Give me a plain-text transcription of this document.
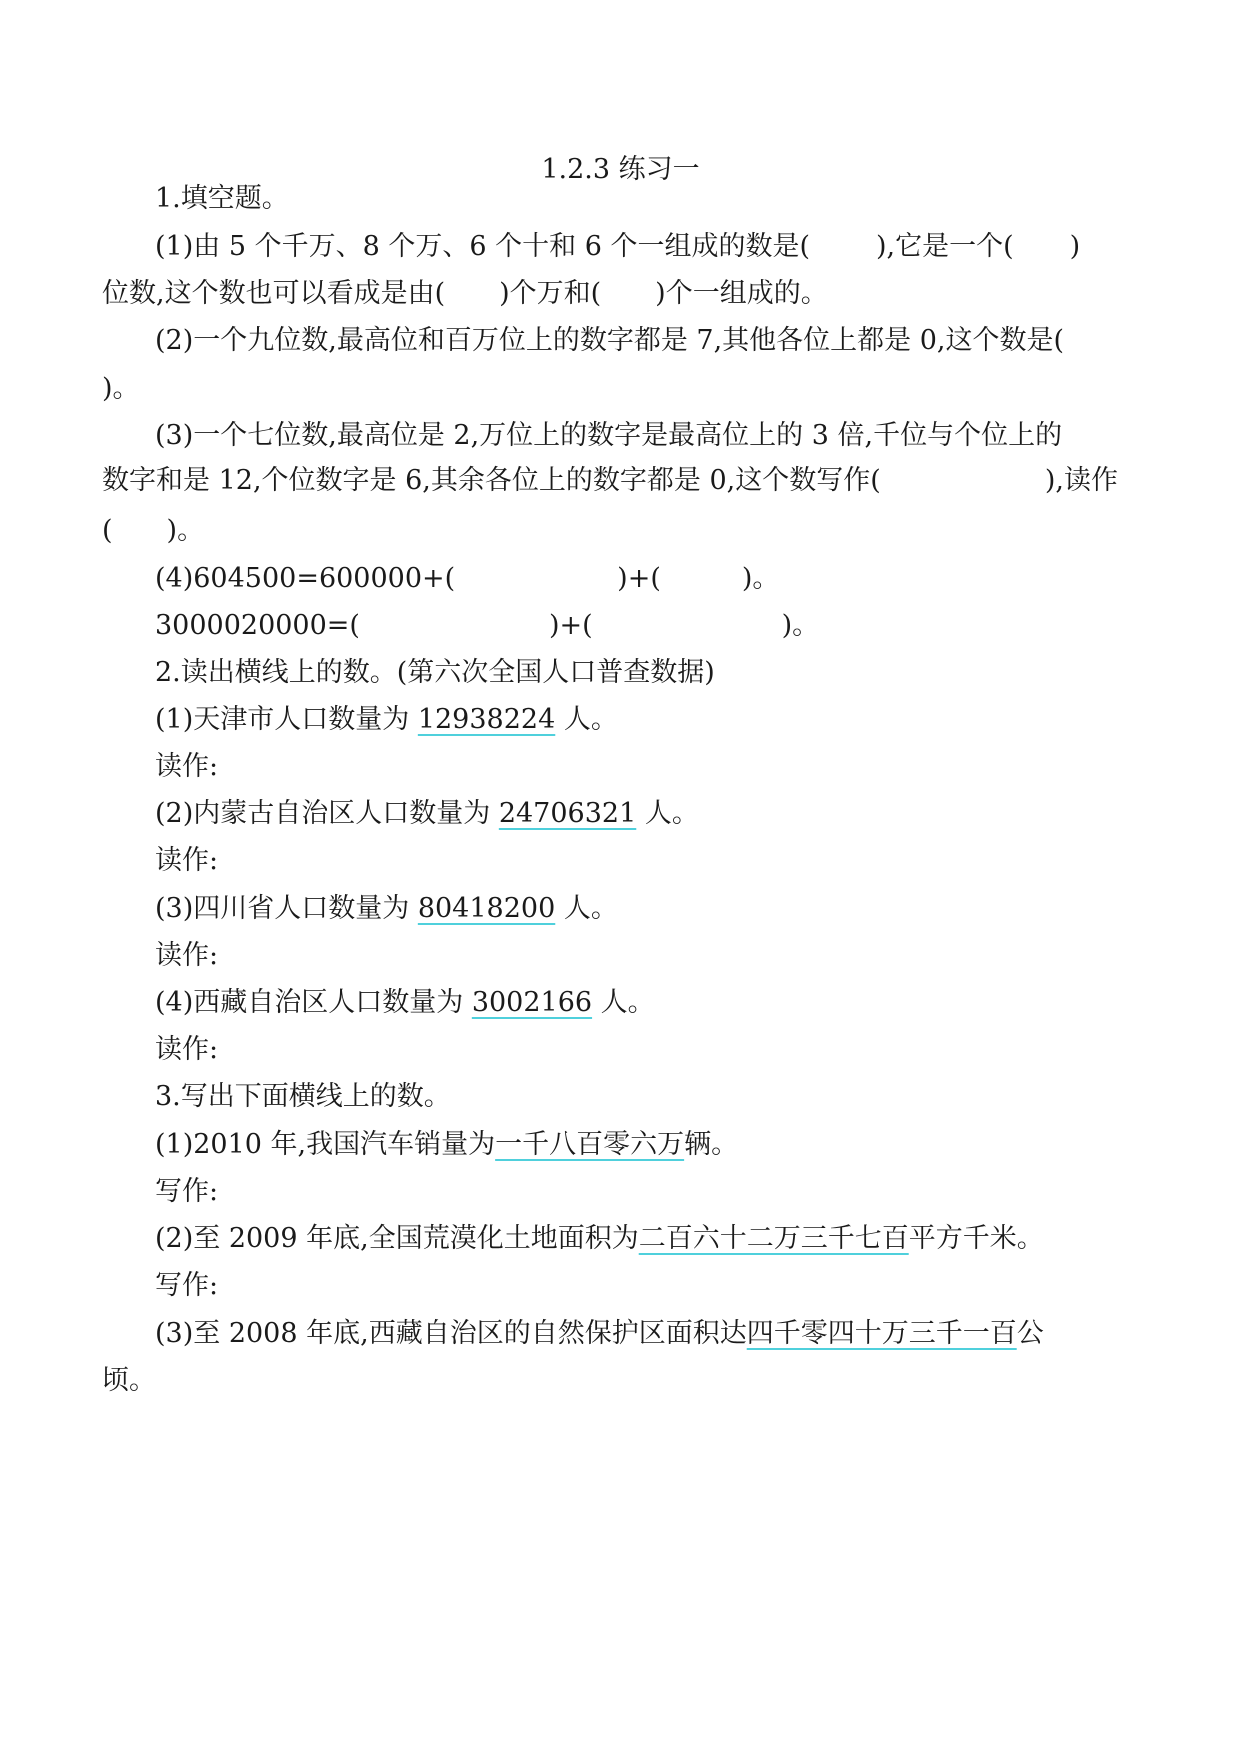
1.2.3 练习一
1.填空题。
(1)由 5 个千万、8 个万、6 个十和 6 个一组成的数是( ),它是一个( )
位数,这个数也可以看成是由(　　)个万和(　　)个一组成的。
(2)一个九位数,最高位和百万位上的数字都是 7,其他各位上都是 0,这个数是(
)。
(3)一个七位数,最高位是 2,万位上的数字是最高位上的 3 倍,千位与个位上的
数字和是 12,个位数字是 6,其余各位上的数字都是 0,这个数写作(	),读作
(　　)。
(4)604500=600000+(　　　　　　)+(　　　)。
3000020000=(　　　　　　　)+(　　　　　　　)。
2.读出横线上的数。(第六次全国人口普查数据)
(1)天津市人口数量为 12938224 人。
读作:
(2)内蒙古自治区人口数量为 24706321 人。
读作:
(3)四川省人口数量为 80418200 人。
读作:
(4)西藏自治区人口数量为 3002166 人。
读作:
3.写出下面横线上的数。
(1)2010 年,我国汽车销量为一千八百零六万辆。
写作:
(2)至 2009 年底,全国荒漠化土地面积为二百六十二万三千七百平方千米。
写作:
(3)至 2008 年底,西藏自治区的自然保护区面积达四千零四十万三千一百公
顷。
